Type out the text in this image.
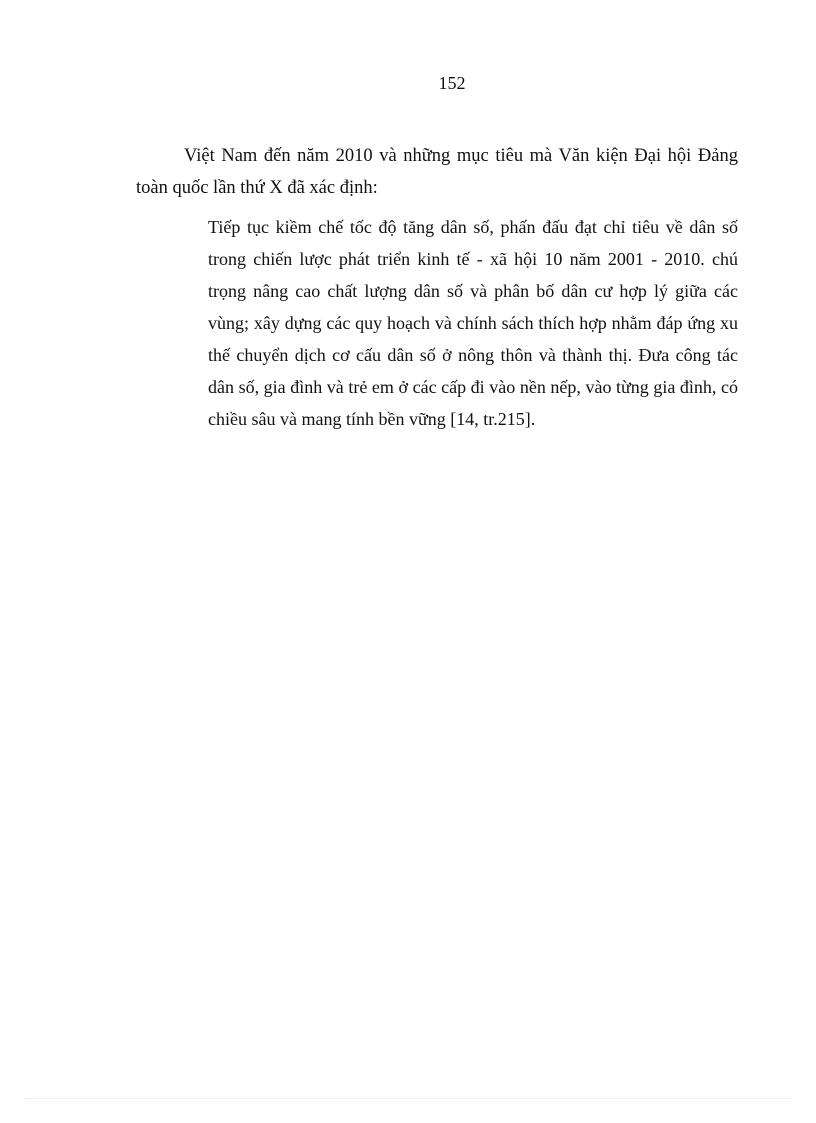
152

Việt Nam đến năm 2010 và những mục tiêu mà Văn kiện Đại hội Đảng toàn quốc lần thứ X đã xác định:

Tiếp tục kiềm chế tốc độ tăng dân số, phấn đấu đạt chỉ tiêu về dân số trong chiến lược phát triển kinh tế - xã hội 10 năm 2001 - 2010. chú trọng nâng cao chất lượng dân số và phân bố dân cư hợp lý giữa các vùng; xây dựng các quy hoạch và chính sách thích hợp nhằm đáp ứng xu thế chuyển dịch cơ cấu dân số ở nông thôn và thành thị. Đưa công tác dân số, gia đình và trẻ em ở các cấp đi vào nền nếp, vào từng gia đình, có chiều sâu và mang tính bền vững [14, tr.215].
